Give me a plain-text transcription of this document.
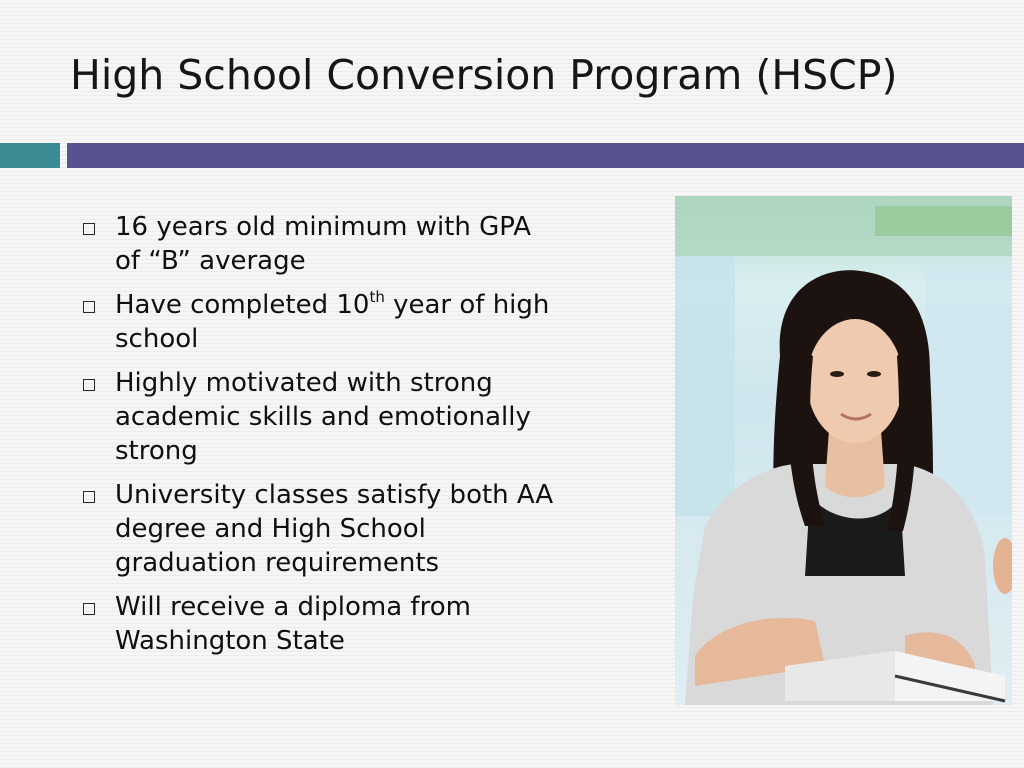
High School Conversion Program (HSCP)
16 years old minimum with GPA of “B” average
Have completed 10th year of high school
Highly motivated with strong academic skills and emotionally strong
University classes satisfy both AA degree and High School graduation requirements
Will receive a diploma from Washington State
